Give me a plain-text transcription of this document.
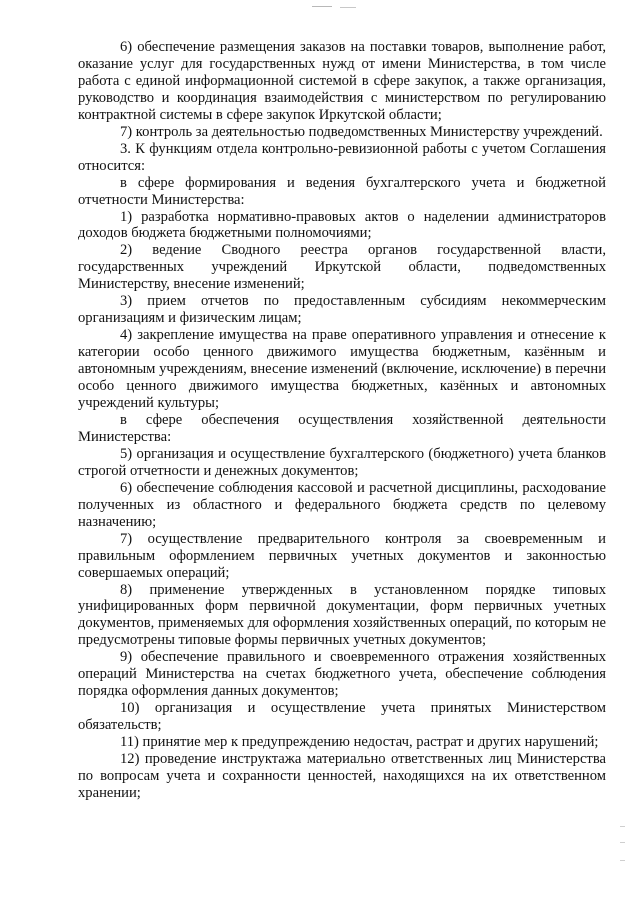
6) обеспечение размещения заказов на поставки товаров, выполнение работ, оказание услуг для государственных нужд от имени Министерства, в том числе работа с единой информационной системой в сфере закупок, а также организация, руководство и координация взаимодействия с министерством по регулированию контрактной системы в сфере закупок Иркутской области;

7) контроль за деятельностью подведомственных Министерству учреждений.

3. К функциям отдела контрольно-ревизионной работы с учетом Соглашения относится:

в сфере формирования и ведения бухгалтерского учета и бюджетной отчетности Министерства:

1) разработка нормативно-правовых актов о наделении администраторов доходов бюджета бюджетными полномочиями;

2) ведение Сводного реестра органов государственной власти, государственных учреждений Иркутской области, подведомственных Министерству, внесение изменений;

3) прием отчетов по предоставленным субсидиям некоммерческим организациям и физическим лицам;

4) закрепление имущества на праве оперативного управления и отнесение к категории особо ценного движимого имущества бюджетным, казённым и автономным учреждениям, внесение изменений (включение, исключение) в перечни особо ценного движимого имущества бюджетных, казённых и автономных учреждений культуры;

в сфере обеспечения осуществления хозяйственной деятельности Министерства:

5) организация и осуществление бухгалтерского (бюджетного) учета бланков строгой отчетности и денежных документов;

6) обеспечение соблюдения кассовой и расчетной дисциплины, расходование полученных из областного и федерального бюджета средств по целевому назначению;

7) осуществление предварительного контроля за своевременным и правильным оформлением первичных учетных документов и законностью совершаемых операций;

8) применение утвержденных в установленном порядке типовых унифицированных форм первичной документации, форм первичных учетных документов, применяемых для оформления хозяйственных операций, по которым не предусмотрены типовые формы первичных учетных документов;

9) обеспечение правильного и своевременного отражения хозяйственных операций Министерства на счетах бюджетного учета, обеспечение соблюдения порядка оформления данных документов;

10) организация и осуществление учета принятых Министерством обязательств;

11) принятие мер к предупреждению недостач, растрат и других нарушений;

12) проведение инструктажа материально ответственных лиц Министерства по вопросам учета и сохранности ценностей, находящихся на их ответственном хранении;
